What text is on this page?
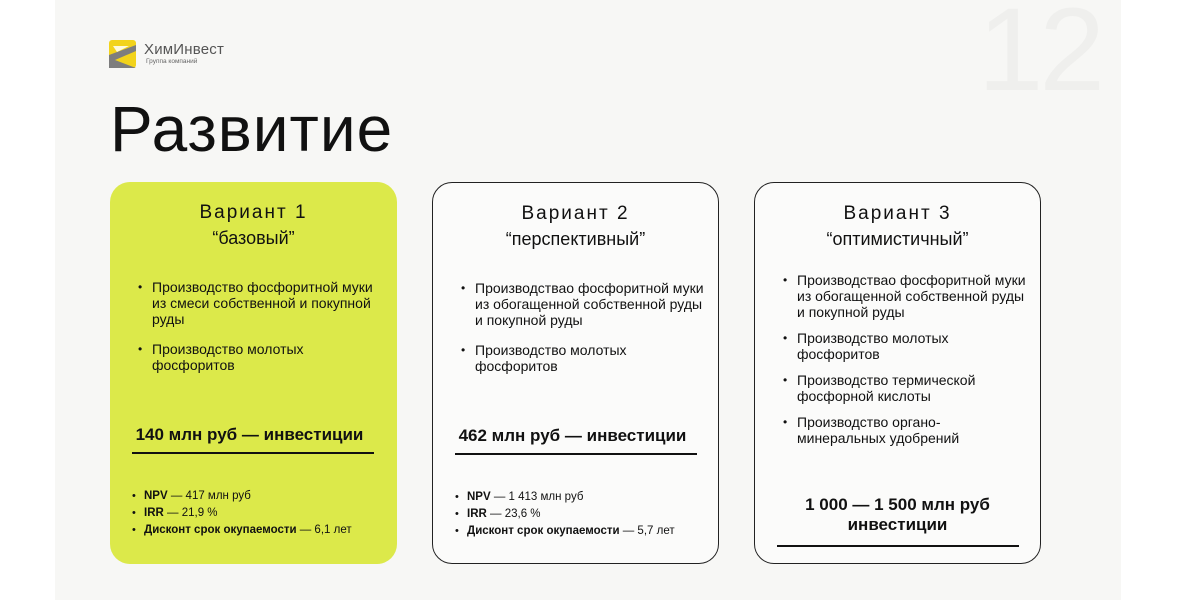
12
ХимИнвест
Группа компаний
Развитие
Вариант 1
“базовый”
• Производство фосфоритной муки из смеси собственной и покупной руды
• Производство молотых фосфоритов
140 млн руб — инвестиции
• NPV — 417 млн руб
• IRR — 21,9 %
• Дисконт срок окупаемости — 6,1 лет
Вариант 2
“перспективный”
• Производстваo фосфоритной муки из обогащенной собственной руды и покупной руды
• Производство молотых фосфоритов
462 млн руб — инвестиции
• NPV — 1 413 млн руб
• IRR — 23,6 %
• Дисконт срок окупаемости — 5,7 лет
Вариант 3
“оптимистичный”
• Производстваo фосфоритной муки из обогащенной собственной руды и покупной руды
• Производство молотых фосфоритов
• Производство термической фосфорной кислоты
• Производство органо-минеральных удобрений
1 000 — 1 500 млн руб
инвестиции
